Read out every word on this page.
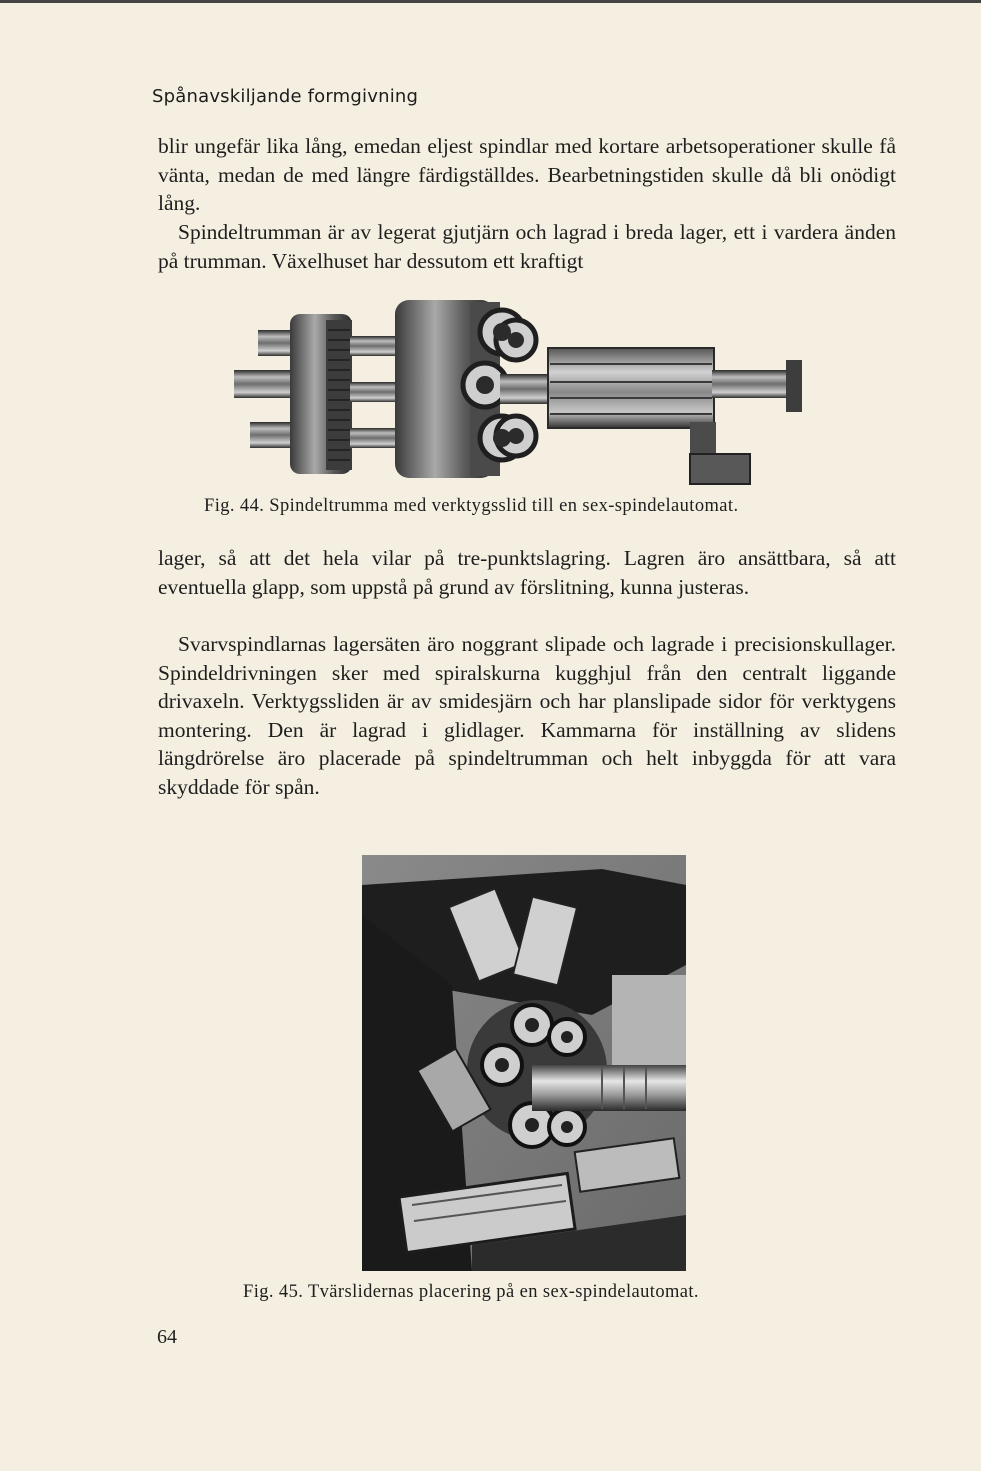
Spånavskiljande formgivning

blir ungefär lika lång, emedan eljest spindlar med kortare arbetsoperationer skulle få vänta, medan de med längre färdigställdes. Bearbetningstiden skulle då bli onödigt lång.

Spindeltrumman är av legerat gjutjärn och lagrad i breda lager, ett i vardera änden på trumman. Växelhuset har dessutom ett kraftigt

Fig. 44. Spindeltrumma med verktygsslid till en sex-spindelautomat.

lager, så att det hela vilar på tre-punktslagring. Lagren äro ansättbara, så att eventuella glapp, som uppstå på grund av förslitning, kunna justeras.

Svarvspindlarnas lagersäten äro noggrant slipade och lagrade i precisionskullager. Spindeldrivningen sker med spiralskurna kugghjul från den centralt liggande drivaxeln. Verktygssliden är av smidesjärn och har planslipade sidor för verktygens montering. Den är lagrad i glidlager. Kammarna för inställning av slidens längdrörelse äro placerade på spindeltrumman och helt inbyggda för att vara skyddade för spån.

Fig. 45. Tvärslidernas placering på en sex-spindelautomat.
64
